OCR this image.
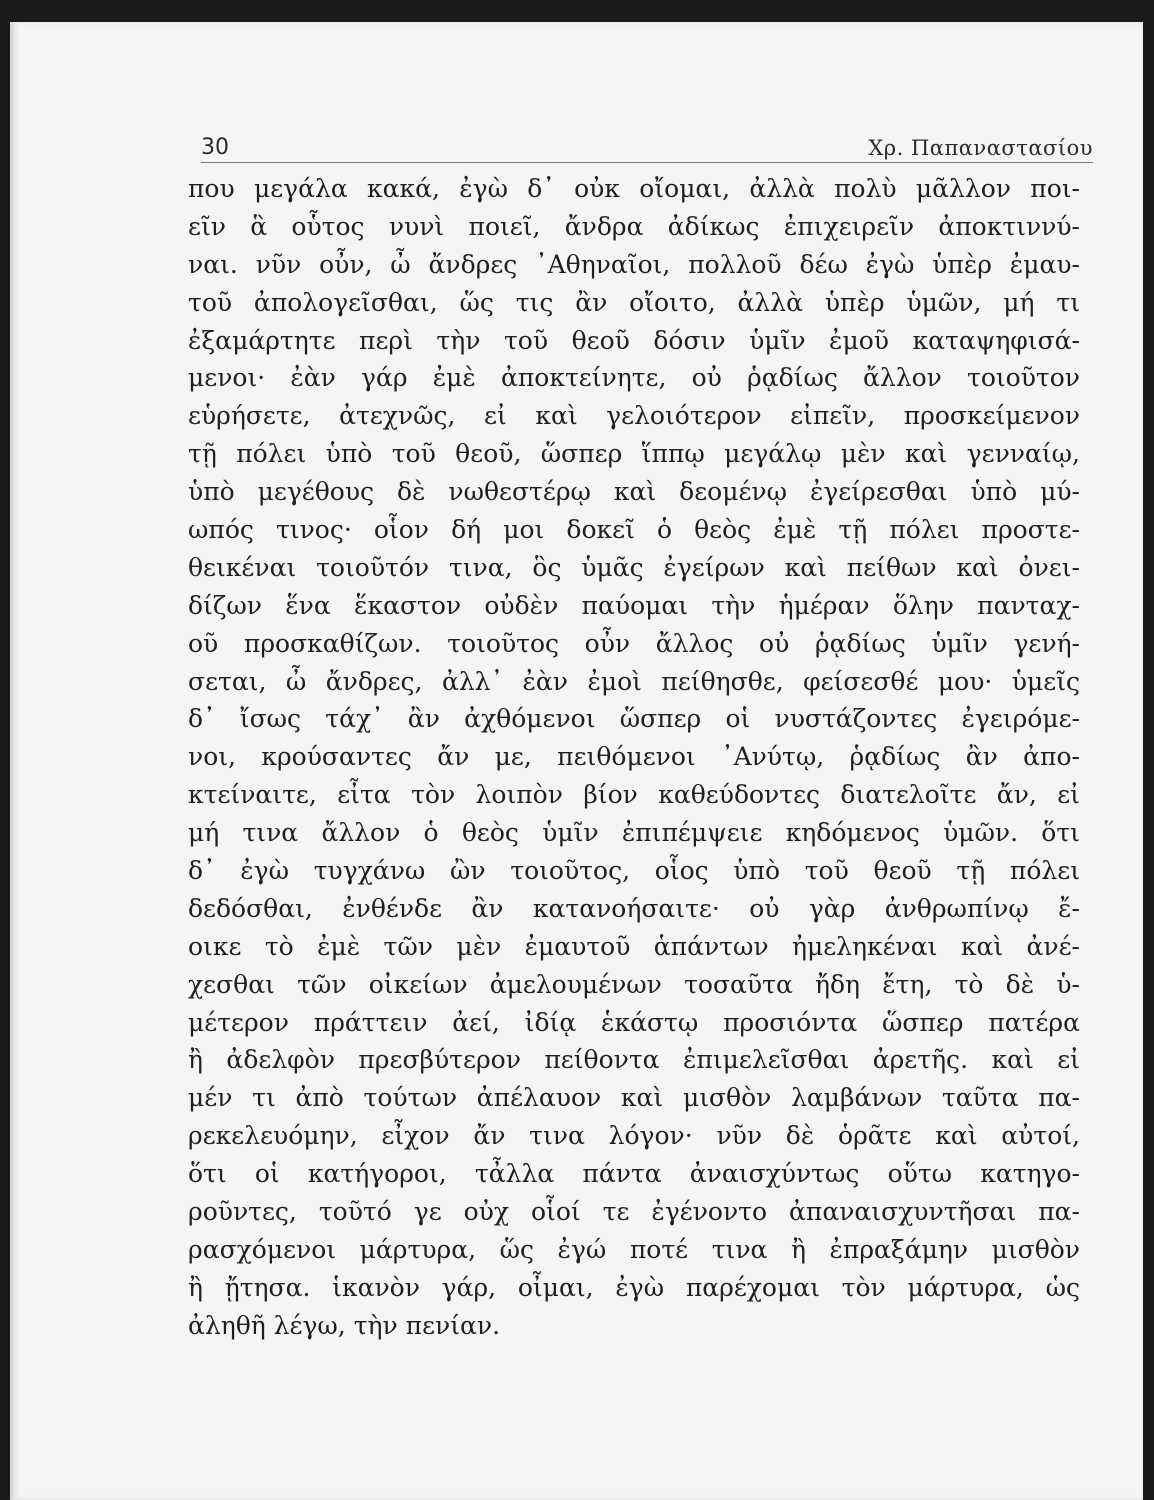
30	Χρ. Παπαναστασίου
που μεγάλα κακά, ἐγὼ δ᾽ οὐκ οἴομαι, ἀλλὰ πολὺ μᾶλλον ποι-
εῖν ἃ οὗτος νυνὶ ποιεῖ, ἄνδρα ἀδίκως ἐπιχειρεῖν ἀποκτιννύ-
ναι. νῦν οὖν, ὦ ἄνδρες ᾿Αθηναῖοι, πολλοῦ δέω ἐγὼ ὑπὲρ ἐμαυ-
τοῦ ἀπολογεῖσθαι, ὥς τις ἂν οἴοιτο, ἀλλὰ ὑπὲρ ὑμῶν, μή τι
ἐξαμάρτητε περὶ τὴν τοῦ θεοῦ δόσιν ὑμῖν ἐμοῦ καταψηφισά-
μενοι· ἐὰν γάρ ἐμὲ ἀποκτείνητε, οὐ ῥᾳδίως ἄλλον τοιοῦτον
εὑρήσετε, ἀτεχνῶς, εἰ καὶ γελοιότερον εἰπεῖν, προσκείμενον
τῇ πόλει ὑπὸ τοῦ θεοῦ, ὥσπερ ἵππῳ μεγάλῳ μὲν καὶ γενναίῳ,
ὑπὸ μεγέθους δὲ νωθεστέρῳ καὶ δεομένῳ ἐγείρεσθαι ὑπὸ μύ-
ωπός τινος· οἷον δή μοι δοκεῖ ὁ θεὸς ἐμὲ τῇ πόλει προστε-
θεικέναι τοιοῦτόν τινα, ὃς ὑμᾶς ἐγείρων καὶ πείθων καὶ ὀνει-
δίζων ἕνα ἕκαστον οὐδὲν παύομαι τὴν ἡμέραν ὅλην πανταχ-
οῦ προσκαθίζων. τοιοῦτος οὖν ἄλλος οὐ ῥᾳδίως ὑμῖν γενή-
σεται, ὦ ἄνδρες, ἀλλ᾽ ἐὰν ἐμοὶ πείθησθε, φείσεσθέ μου· ὑμεῖς
δ᾽ ἴσως τάχ᾽ ἂν ἀχθόμενοι ὥσπερ οἱ νυστάζοντες ἐγειρόμε-
νοι, κρούσαντες ἄν με, πειθόμενοι ᾿Ανύτῳ, ῥᾳδίως ἂν ἀπο-
κτείναιτε, εἶτα τὸν λοιπὸν βίον καθεύδοντες διατελοῖτε ἄν, εἰ
μή τινα ἄλλον ὁ θεὸς ὑμῖν ἐπιπέμψειε κηδόμενος ὑμῶν. ὅτι
δ᾽ ἐγὼ τυγχάνω ὢν τοιοῦτος, οἷος ὑπὸ τοῦ θεοῦ τῇ πόλει
δεδόσθαι, ἐνθένδε ἂν κατανοήσαιτε· οὐ γὰρ ἀνθρωπίνῳ ἔ-
οικε τὸ ἐμὲ τῶν μὲν ἐμαυτοῦ ἁπάντων ἠμεληκέναι καὶ ἀνέ-
χεσθαι τῶν οἰκείων ἀμελουμένων τοσαῦτα ἤδη ἔτη, τὸ δὲ ὑ-
μέτερον πράττειν ἀεί, ἰδίᾳ ἑκάστῳ προσιόντα ὥσπερ πατέρα
ἢ ἀδελφὸν πρεσβύτερον πείθοντα ἐπιμελεῖσθαι ἀρετῆς. καὶ εἰ
μέν τι ἀπὸ τούτων ἀπέλαυον καὶ μισθὸν λαμβάνων ταῦτα πα-
ρεκελευόμην, εἶχον ἄν τινα λόγον· νῦν δὲ ὁρᾶτε καὶ αὐτοί,
ὅτι οἱ κατήγοροι, τἆλλα πάντα ἀναισχύντως οὕτω κατηγο-
ροῦντες, τοῦτό γε οὐχ οἷοί τε ἐγένοντο ἀπαναισχυντῆσαι πα-
ρασχόμενοι μάρτυρα, ὥς ἐγώ ποτέ τινα ἢ ἐπραξάμην μισθὸν
ἢ ᾔτησα. ἱκανὸν γάρ, οἶμαι, ἐγὼ παρέχομαι τὸν μάρτυρα, ὡς
ἀληθῆ λέγω, τὴν πενίαν.
